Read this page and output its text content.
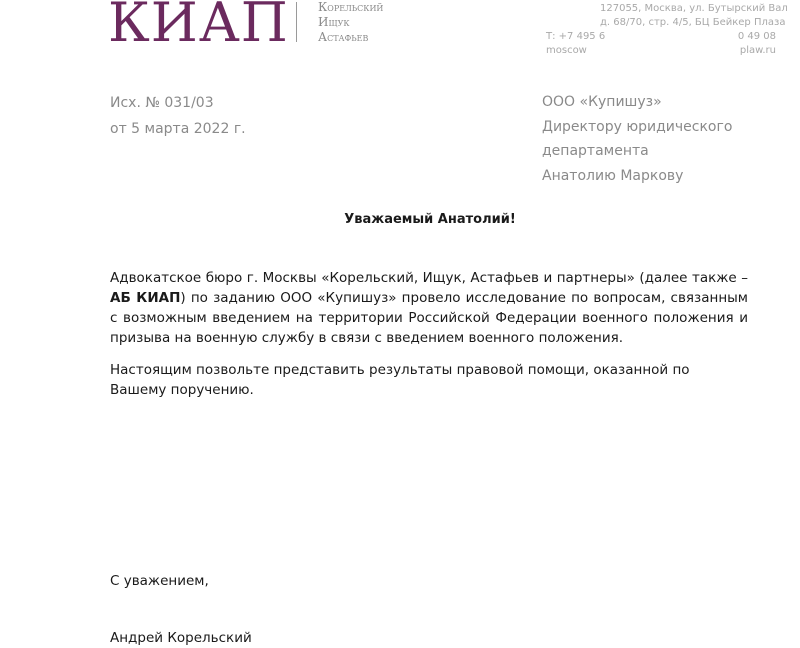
КИАП Корельский
Ищук
Астафьев
127055, Москва, ул. Бутырский Вал
д. 68/70, стр. 4/5, БЦ Бейкер Плаза
0 49 08
plaw.ru

Т: +7 495 6
moscow
Исх. № 031/03
от 5 марта 2022 г.
ООО «Купишуз»
Директору юридического
департамента
Анатолию Маркову
Уважаемый Анатолий!
Адвокатское бюро г. Москвы «Корельский, Ищук, Астафьев и партнеры» (далее также – АБ КИАП) по заданию ООО «Купишуз» провело исследование по вопросам, связанным с возможным введением на территории Российской Федерации военного положения и призыва на военную службу в связи с введением военного положения.
Настоящим позвольте представить результаты правовой помощи, оказанной по Вашему поручению.
С уважением,
Андрей Корельский
